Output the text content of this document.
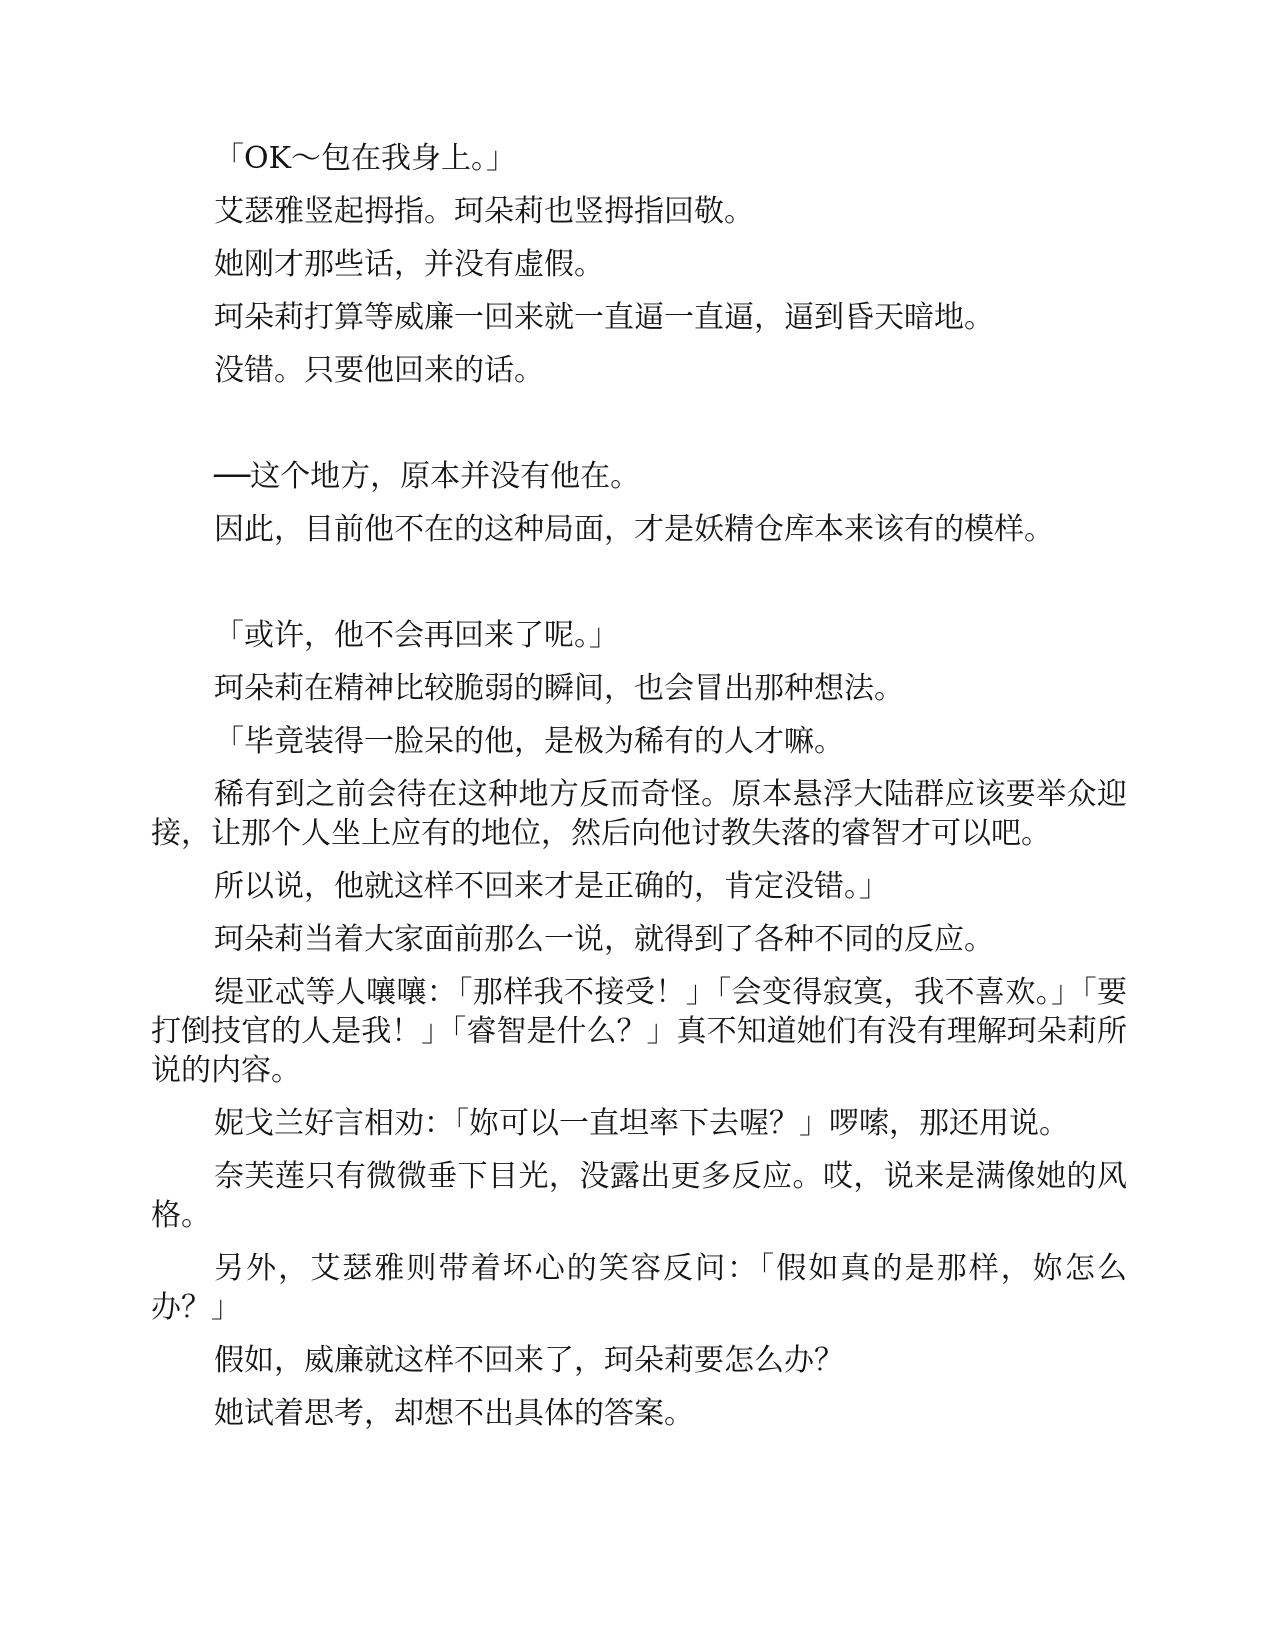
「OK～包在我身上。」

艾瑟雅竖起拇指。珂朵莉也竖拇指回敬。

她刚才那些话，并没有虚假。

珂朵莉打算等威廉一回来就一直逼一直逼，逼到昏天暗地。

没错。只要他回来的话。

──这个地方，原本并没有他在。

因此，目前他不在的这种局面，才是妖精仓库本来该有的模样。

「或许，他不会再回来了呢。」

珂朵莉在精神比较脆弱的瞬间，也会冒出那种想法。

「毕竟装得一脸呆的他，是极为稀有的人才嘛。

稀有到之前会待在这种地方反而奇怪。原本悬浮大陆群应该要举众迎接，让那个人坐上应有的地位，然后向他讨教失落的睿智才可以吧。

所以说，他就这样不回来才是正确的，肯定没错。」

珂朵莉当着大家面前那么一说，就得到了各种不同的反应。

缇亚忒等人嚷嚷：「那样我不接受！」「会变得寂寞，我不喜欢。」「要打倒技官的人是我！」「睿智是什么？」真不知道她们有没有理解珂朵莉所说的内容。

妮戈兰好言相劝：「妳可以一直坦率下去喔？」啰嗦，那还用说。

奈芙莲只有微微垂下目光，没露出更多反应。哎，说来是满像她的风格。

另外，艾瑟雅则带着坏心的笑容反问：「假如真的是那样，妳怎么办？」

假如，威廉就这样不回来了，珂朵莉要怎么办？

她试着思考，却想不出具体的答案。
